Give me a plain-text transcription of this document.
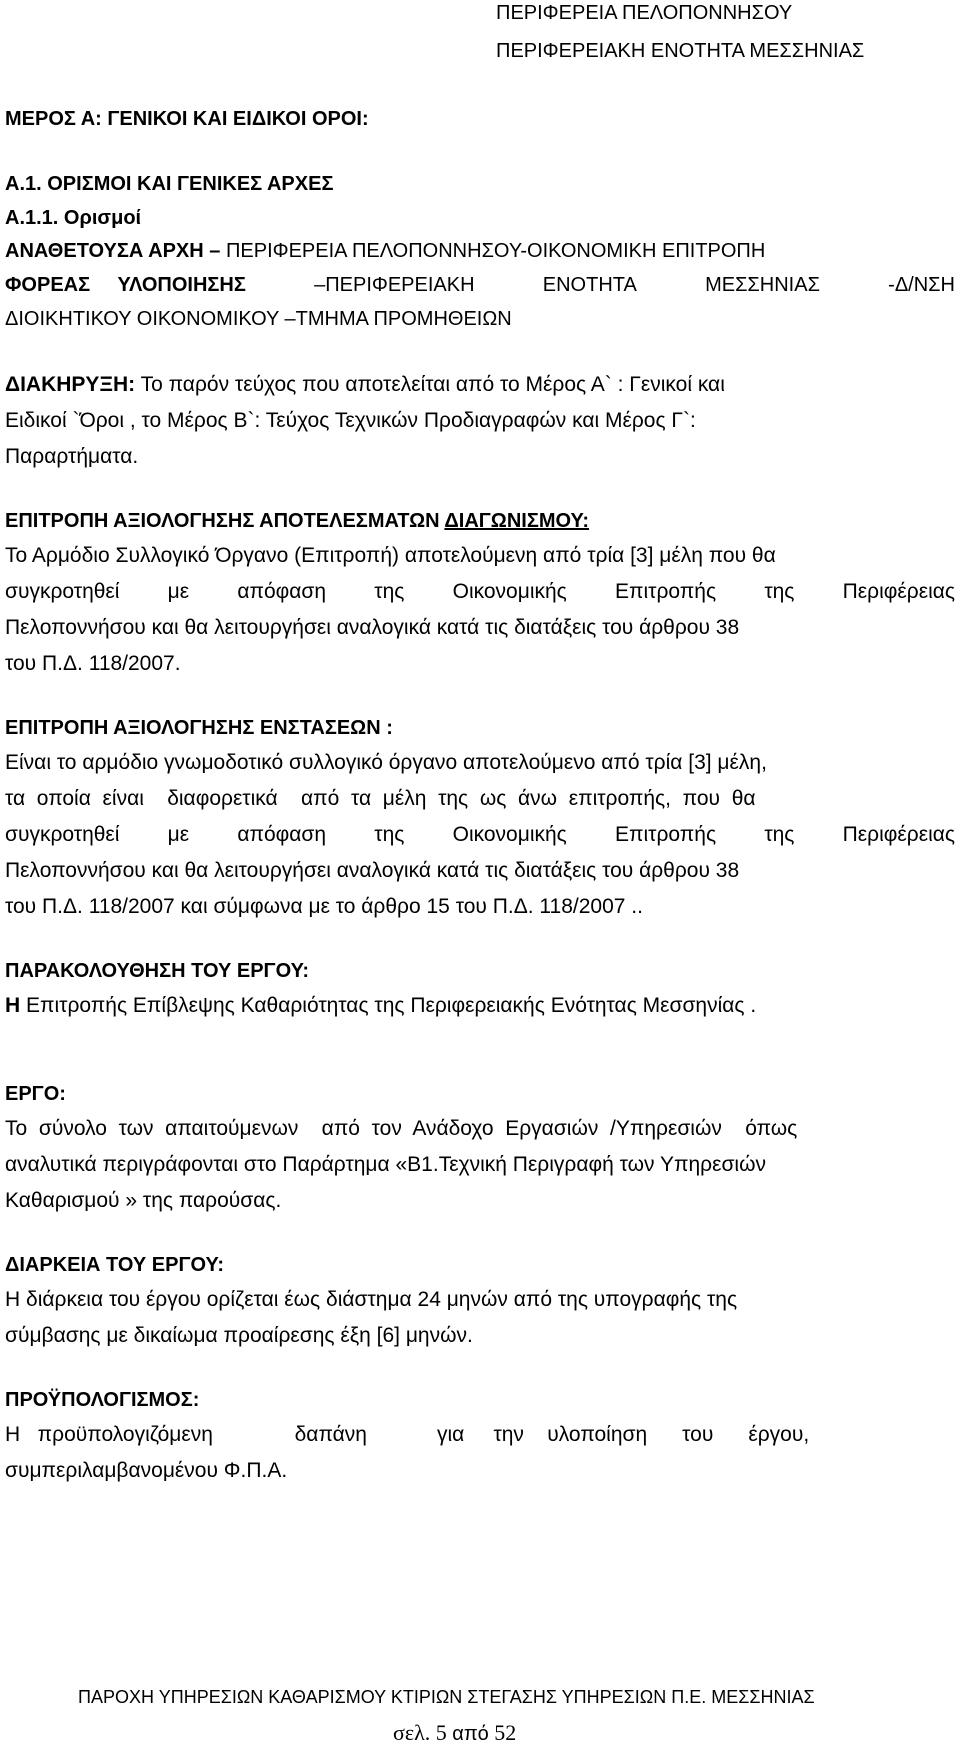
ΠΕΡΙΦΕΡΕΙΑ ΠΕΛΟΠΟΝΝΗΣΟΥ
ΠΕΡΙΦΕΡΕΙΑΚΗ ΕΝΟΤΗΤΑ ΜΕΣΣΗΝΙΑΣ
ΜΕΡΟΣ Α: ΓΕΝΙΚΟΙ ΚΑΙ ΕΙΔΙΚΟΙ ΟΡΟΙ:
Α.1. ΟΡΙΣΜΟΙ ΚΑΙ ΓΕΝΙΚΕΣ ΑΡΧΕΣ
Α.1.1. Ορισμοί
ΑΝΑΘΕΤΟΥΣΑ ΑΡΧΗ – ΠΕΡΙΦΕΡΕΙΑ ΠΕΛΟΠΟΝΝΗΣΟΥ-ΟΙΚΟΝΟΜΙΚΗ ΕΠΙΤΡΟΠΗ
ΦΟΡΕΑΣ     ΥΛΟΠΟΙΗΣΗΣ	–ΠΕΡΙΦΕΡΕΙΑΚΗ	ΕΝΟΤΗΤΑ	ΜΕΣΣΗΝΙΑΣ	-Δ/ΝΣΗ
ΔΙΟΙΚΗΤΙΚΟΥ ΟΙΚΟΝΟΜΙΚΟΥ –ΤΜΗΜΑ ΠΡΟΜΗΘΕΙΩΝ
ΔΙΑΚΗΡΥΞΗ: Το παρόν τεύχος που αποτελείται από το Μέρος Α` : Γενικοί και
Ειδικοί `Όροι , το Μέρος Β`: Τεύχος Τεχνικών Προδιαγραφών και Μέρος Γ`:
Παραρτήματα.
ΕΠΙΤΡΟΠΗ ΑΞΙΟΛΟΓΗΣΗΣ ΑΠΟΤΕΛΕΣΜΑΤΩΝ ΔΙΑΓΩΝΙΣΜΟΥ:
Το Αρμόδιο Συλλογικό Όργανο (Επιτροπή) αποτελούμενη από τρία [3] μέλη που θα
συγκροτηθεί με απόφαση της Οικονομικής Επιτροπής της Περιφέρειας
Πελοποννήσου και θα λειτουργήσει αναλογικά κατά τις διατάξεις του άρθρου 38
του Π.Δ. 118/2007.
ΕΠΙΤΡΟΠΗ ΑΞΙΟΛΟΓΗΣΗΣ ΕΝΣΤΑΣΕΩΝ :
Είναι το αρμόδιο γνωμοδοτικό συλλογικό όργανο αποτελούμενο από τρία [3] μέλη,
τα  οποία  είναι    διαφορετικά    από  τα  μέλη  της  ως  άνω  επιτροπής,  που  θα
συγκροτηθεί με απόφαση της Οικονομικής Επιτροπής της Περιφέρειας
Πελοποννήσου και θα λειτουργήσει αναλογικά κατά τις διατάξεις του άρθρου 38
του Π.Δ. 118/2007 και σύμφωνα με το άρθρο 15 του Π.Δ. 118/2007 ..
ΠΑΡΑΚΟΛΟΥΘΗΣΗ ΤΟΥ ΕΡΓΟΥ:
Η Επιτροπής Επίβλεψης Καθαριότητας της Περιφερειακής Ενότητας Μεσσηνίας .
ΕΡΓΟ:
Το  σύνολο  των  απαιτούμενων    από  τον  Ανάδοχο  Εργασιών  /Υπηρεσιών    όπως
αναλυτικά περιγράφονται στο Παράρτημα «Β1.Τεχνική Περιγραφή των Υπηρεσιών
Καθαρισμού » της παρούσας.
ΔΙΑΡΚΕΙΑ ΤΟΥ ΕΡΓΟΥ:
Η διάρκεια του έργου ορίζεται έως διάστημα 24 μηνών από της υπογραφής της
σύμβασης με δικαίωμα προαίρεσης έξη [6] μηνών.
ΠΡΟΫΠΟΛΟΓΙΣΜΟΣ:
Η   προϋπολογιζόμενη              δαπάνη            για     την    υλοποίηση      του      έργου,
συμπεριλαμβανομένου Φ.Π.Α.
ΠΑΡΟΧΗ ΥΠΗΡΕΣΙΩΝ ΚΑΘΑΡΙΣΜΟΥ ΚΤΙΡΙΩΝ ΣΤΕΓΑΣΗΣ ΥΠΗΡΕΣΙΩΝ Π.Ε. ΜΕΣΣΗΝΙΑΣ
σελ. 5 από 52
